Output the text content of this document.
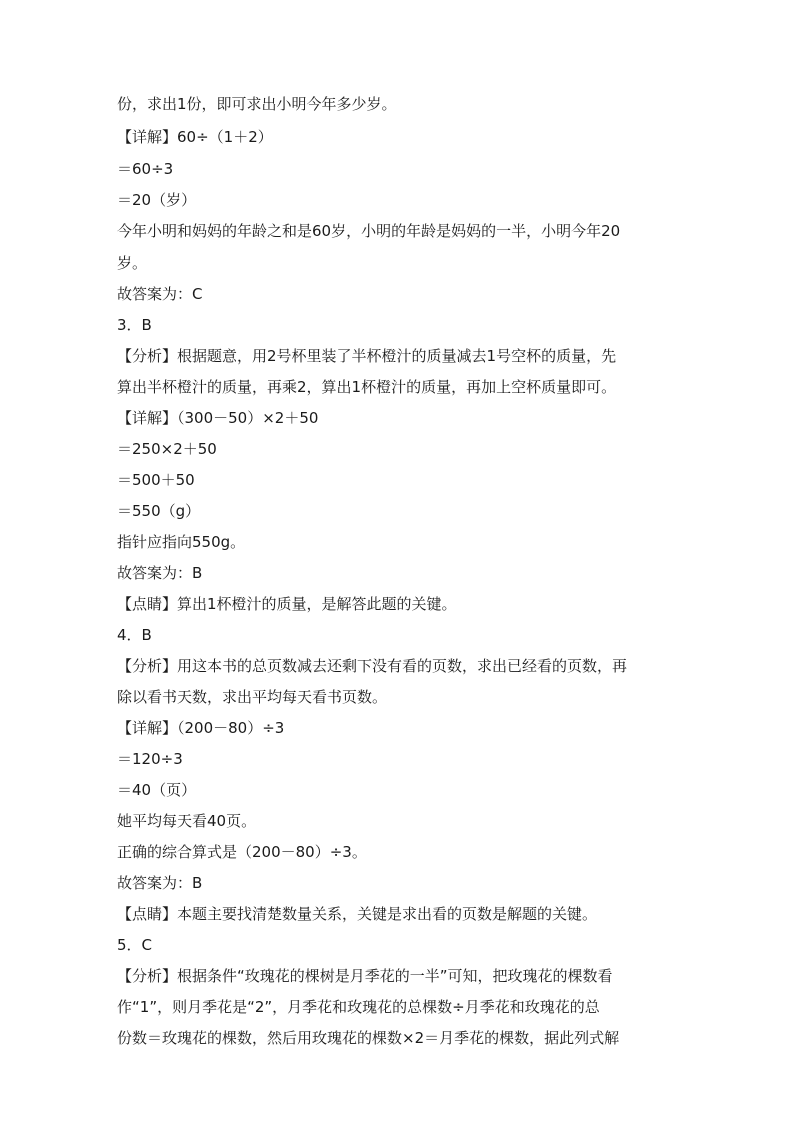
份，求出1份，即可求出小明今年多少岁。
【详解】60÷（1＋2）
＝60÷3
＝20（岁）
今年小明和妈妈的年龄之和是60岁，小明的年龄是妈妈的一半，小明今年20
岁。
故答案为：C
3．B
【分析】根据题意，用2号杯里装了半杯橙汁的质量减去1号空杯的质量，先
算出半杯橙汁的质量，再乘2，算出1杯橙汁的质量，再加上空杯质量即可。
【详解】（300－50）×2＋50
＝250×2＋50
＝500＋50
＝550（g）
指针应指向550g。
故答案为：B
【点睛】算出1杯橙汁的质量，是解答此题的关键。
4．B
【分析】用这本书的总页数减去还剩下没有看的页数，求出已经看的页数，再
除以看书天数，求出平均每天看书页数。
【详解】（200－80）÷3
＝120÷3
＝40（页）
她平均每天看40页。
正确的综合算式是（200－80）÷3。
故答案为：B
【点睛】本题主要找清楚数量关系，关键是求出看的页数是解题的关键。
5．C
【分析】根据条件“玫瑰花的棵树是月季花的一半”可知，把玫瑰花的棵数看
作“1”，则月季花是“2”，月季花和玫瑰花的总棵数÷月季花和玫瑰花的总
份数＝玫瑰花的棵数，然后用玫瑰花的棵数×2＝月季花的棵数，据此列式解
